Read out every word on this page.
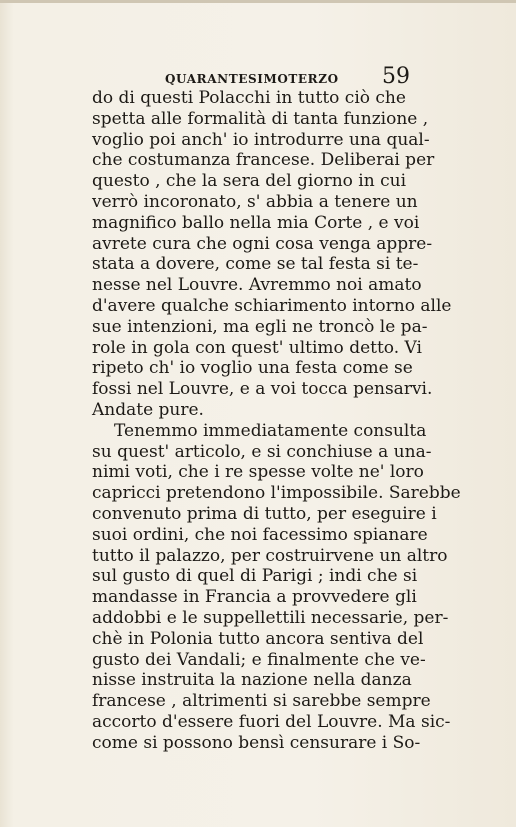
QUARANTESIMOTERZO 59
do di questi Polacchi in tutto ciò che
spetta alle formalità di tanta funzione ,
voglio poi anch' io introdurre una qual-
che costumanza francese. Deliberai per
questo , che la sera del giorno in cui
verrò incoronato, s' abbia a tenere un
magnifico ballo nella mia Corte , e voi
avrete cura che ogni cosa venga appre-
stata a dovere, come se tal festa si te-
nesse nel Louvre. Avremmo noi amato
d'avere qualche schiarimento intorno alle
sue intenzioni, ma egli ne troncò le pa-
role in gola con quest' ultimo detto. Vi
ripeto ch' io voglio una festa come se
fossi nel Louvre, e a voi tocca pensarvi.
Andate pure.
Tenemmo immediatamente consulta
su quest' articolo, e si conchiuse a una-
nimi voti, che i re spesse volte ne' loro
capricci pretendono l'impossibile. Sarebbe
convenuto prima di tutto, per eseguire i
suoi ordini, che noi facessimo spianare
tutto il palazzo, per costruirvene un altro
sul gusto di quel di Parigi ; indi che si
mandasse in Francia a provvedere gli
addobbi e le suppellettili necessarie, per-
chè in Polonia tutto ancora sentiva del
gusto dei Vandali; e finalmente che ve-
nisse instruita la nazione nella danza
francese , altrimenti si sarebbe sempre
accorto d'essere fuori del Louvre. Ma sic-
come si possono bensì censurare i So-
